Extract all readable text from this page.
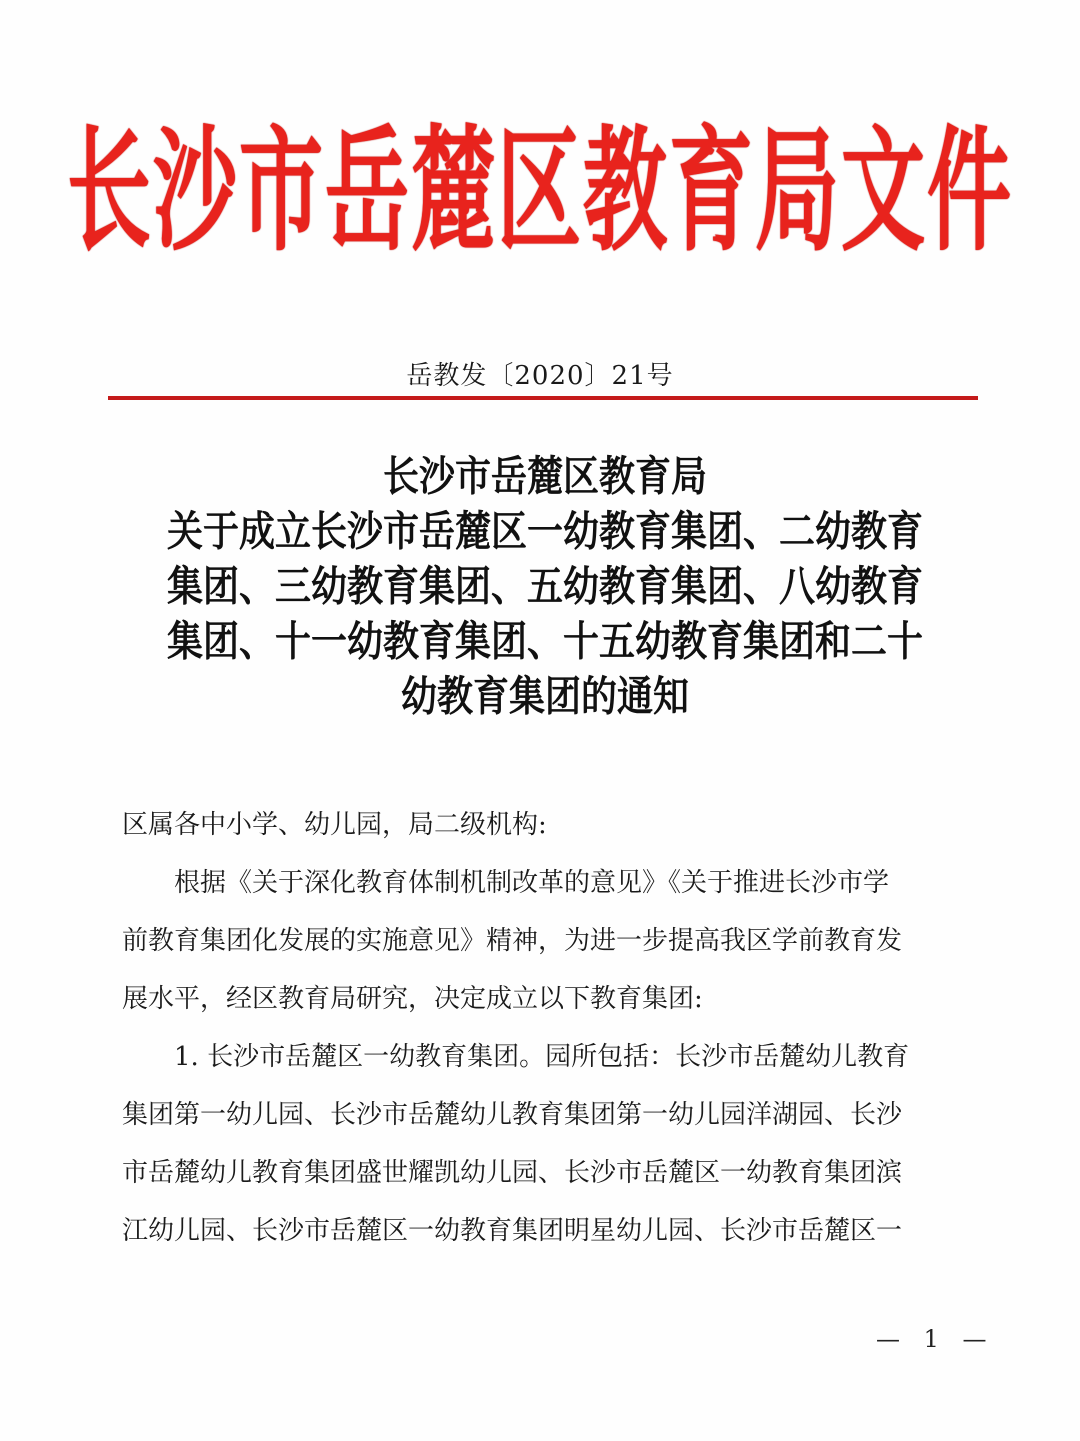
长沙市岳麓区教育局文件
岳教发〔2020〕21号
长沙市岳麓区教育局
关于成立长沙市岳麓区一幼教育集团、二幼教育
集团、三幼教育集团、五幼教育集团、八幼教育
集团、十一幼教育集团、十五幼教育集团和二十
幼教育集团的通知
区属各中小学、幼儿园，局二级机构:
根据《关于深化教育体制机制改革的意见》《关于推进长沙市学
前教育集团化发展的实施意见》精神，为进一步提高我区学前教育发
展水平，经区教育局研究，决定成立以下教育集团:
1. 长沙市岳麓区一幼教育集团。园所包括：长沙市岳麓幼儿教育
集团第一幼儿园、长沙市岳麓幼儿教育集团第一幼儿园洋湖园、长沙
市岳麓幼儿教育集团盛世耀凯幼儿园、长沙市岳麓区一幼教育集团滨
江幼儿园、长沙市岳麓区一幼教育集团明星幼儿园、长沙市岳麓区一
— 1 —
